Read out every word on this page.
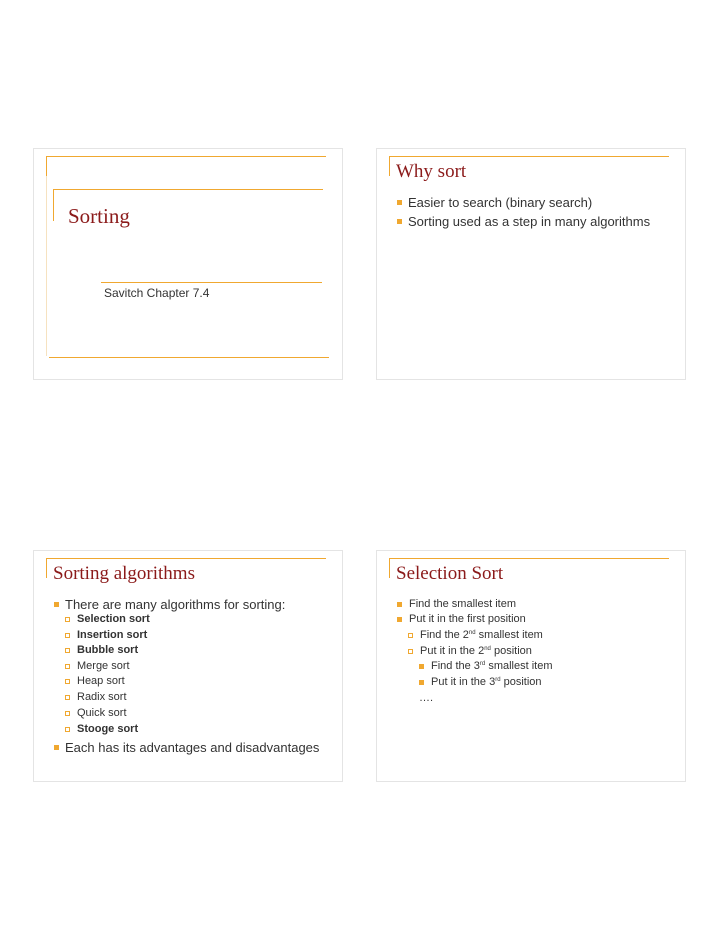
Sorting
Savitch Chapter 7.4
Why sort
Easier to search (binary search)
Sorting used as a step in many algorithms
Sorting algorithms
There are many algorithms for sorting:
Selection sort
Insertion sort
Bubble sort
Merge sort
Heap sort
Radix sort
Quick sort
Stooge sort
Each has its advantages and disadvantages
Selection Sort
Find the smallest item
Put it in the first position
Find the 2nd smallest item
Put it in the 2nd position
Find the 3rd smallest item
Put it in the 3rd position
….
